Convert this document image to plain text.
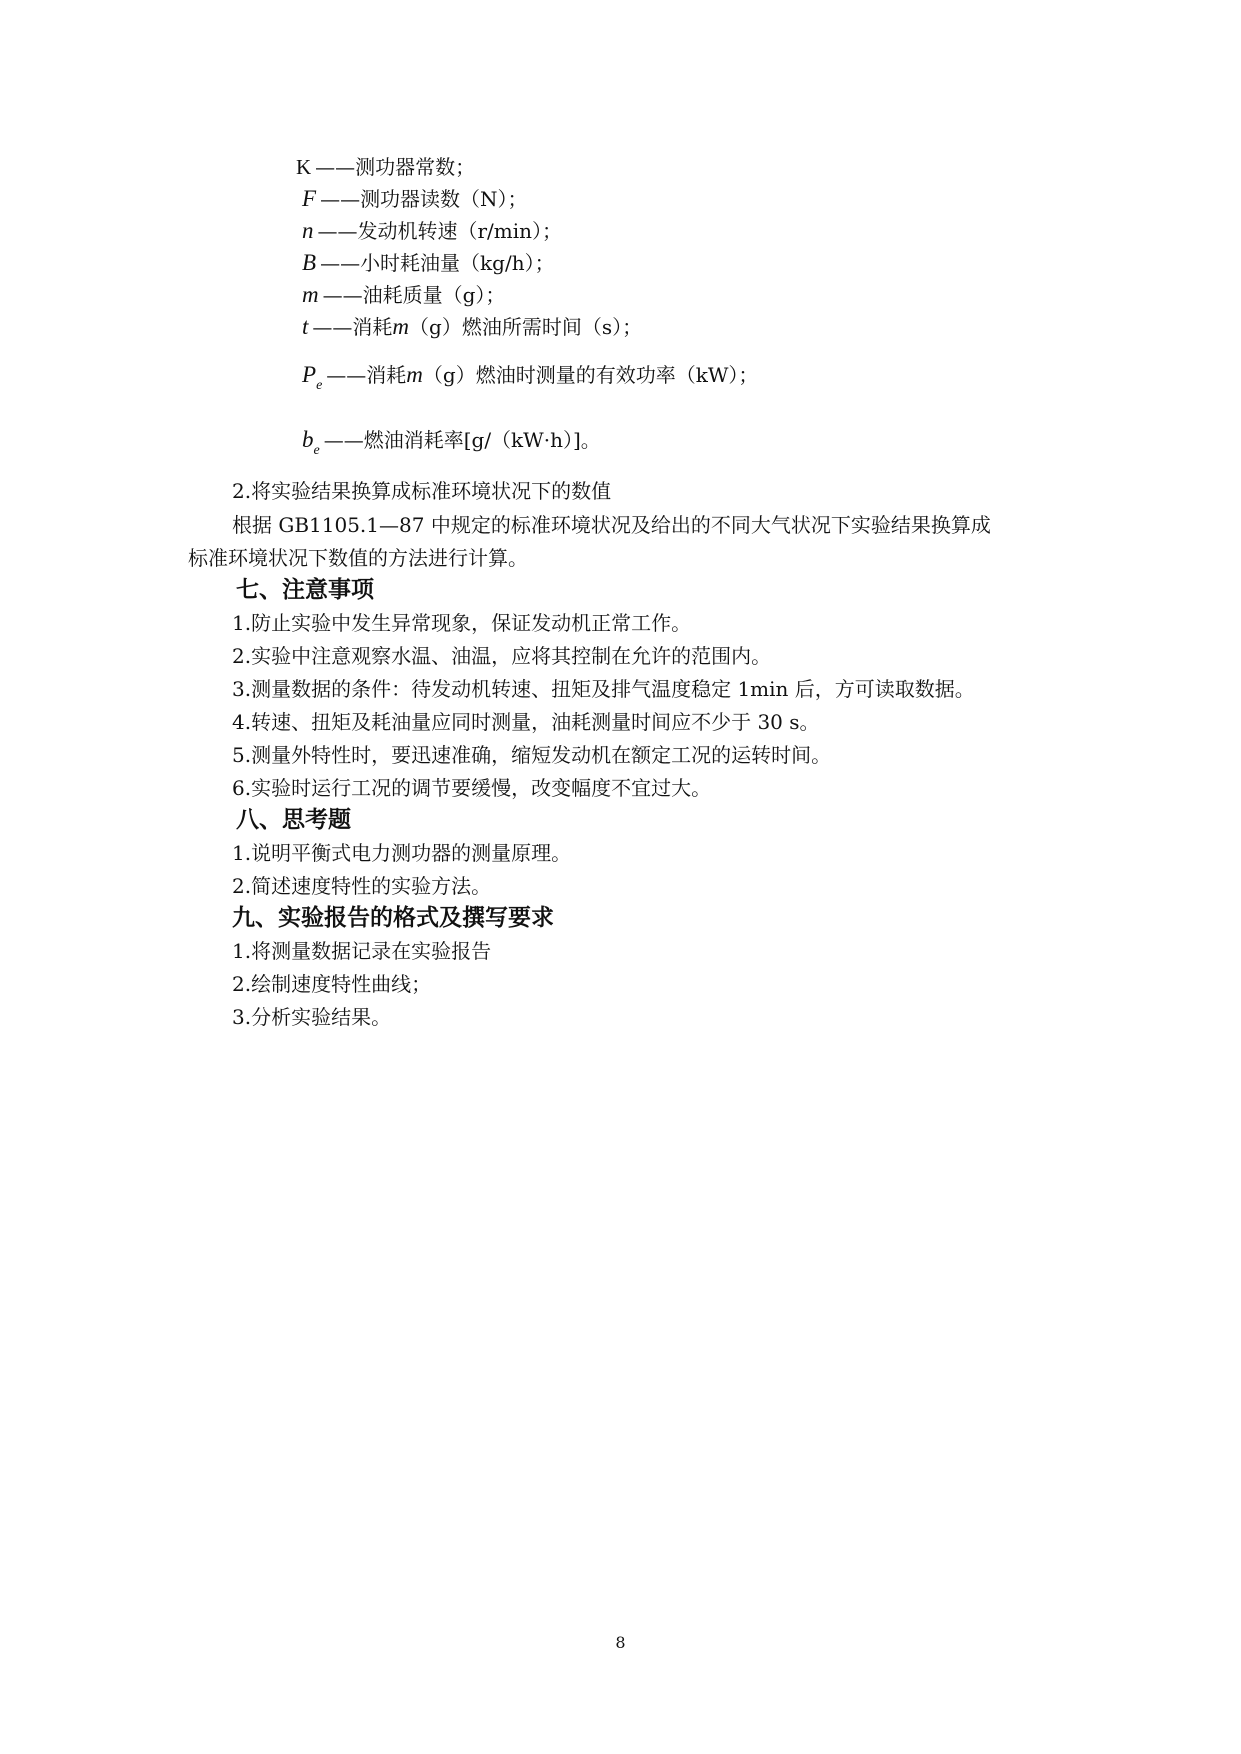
K ——测功器常数；
F ——测功器读数（N）；
n ——发动机转速（r/min）；
B ——小时耗油量（kg/h）；
m ——油耗质量（g）；
t ——消耗m（g）燃油所需时间（s）；
$P_e$ ——消耗m（g）燃油时测量的有效功率（kW）；
$b_e$ ——燃油消耗率[g/（kW·h）]。
2.将实验结果换算成标准环境状况下的数值
根据 GB1105.1—87 中规定的标准环境状况及给出的不同大气状况下实验结果换算成
标准环境状况下数值的方法进行计算。
七、注意事项
1.防止实验中发生异常现象，保证发动机正常工作。
2.实验中注意观察水温、油温，应将其控制在允许的范围内。
3.测量数据的条件：待发动机转速、扭矩及排气温度稳定 1min 后，方可读取数据。
4.转速、扭矩及耗油量应同时测量，油耗测量时间应不少于 30 s。
5.测量外特性时，要迅速准确，缩短发动机在额定工况的运转时间。
6.实验时运行工况的调节要缓慢，改变幅度不宜过大。
八、思考题
1.说明平衡式电力测功器的测量原理。
2.简述速度特性的实验方法。
九、实验报告的格式及撰写要求
1.将测量数据记录在实验报告
2.绘制速度特性曲线；
3.分析实验结果。
8
